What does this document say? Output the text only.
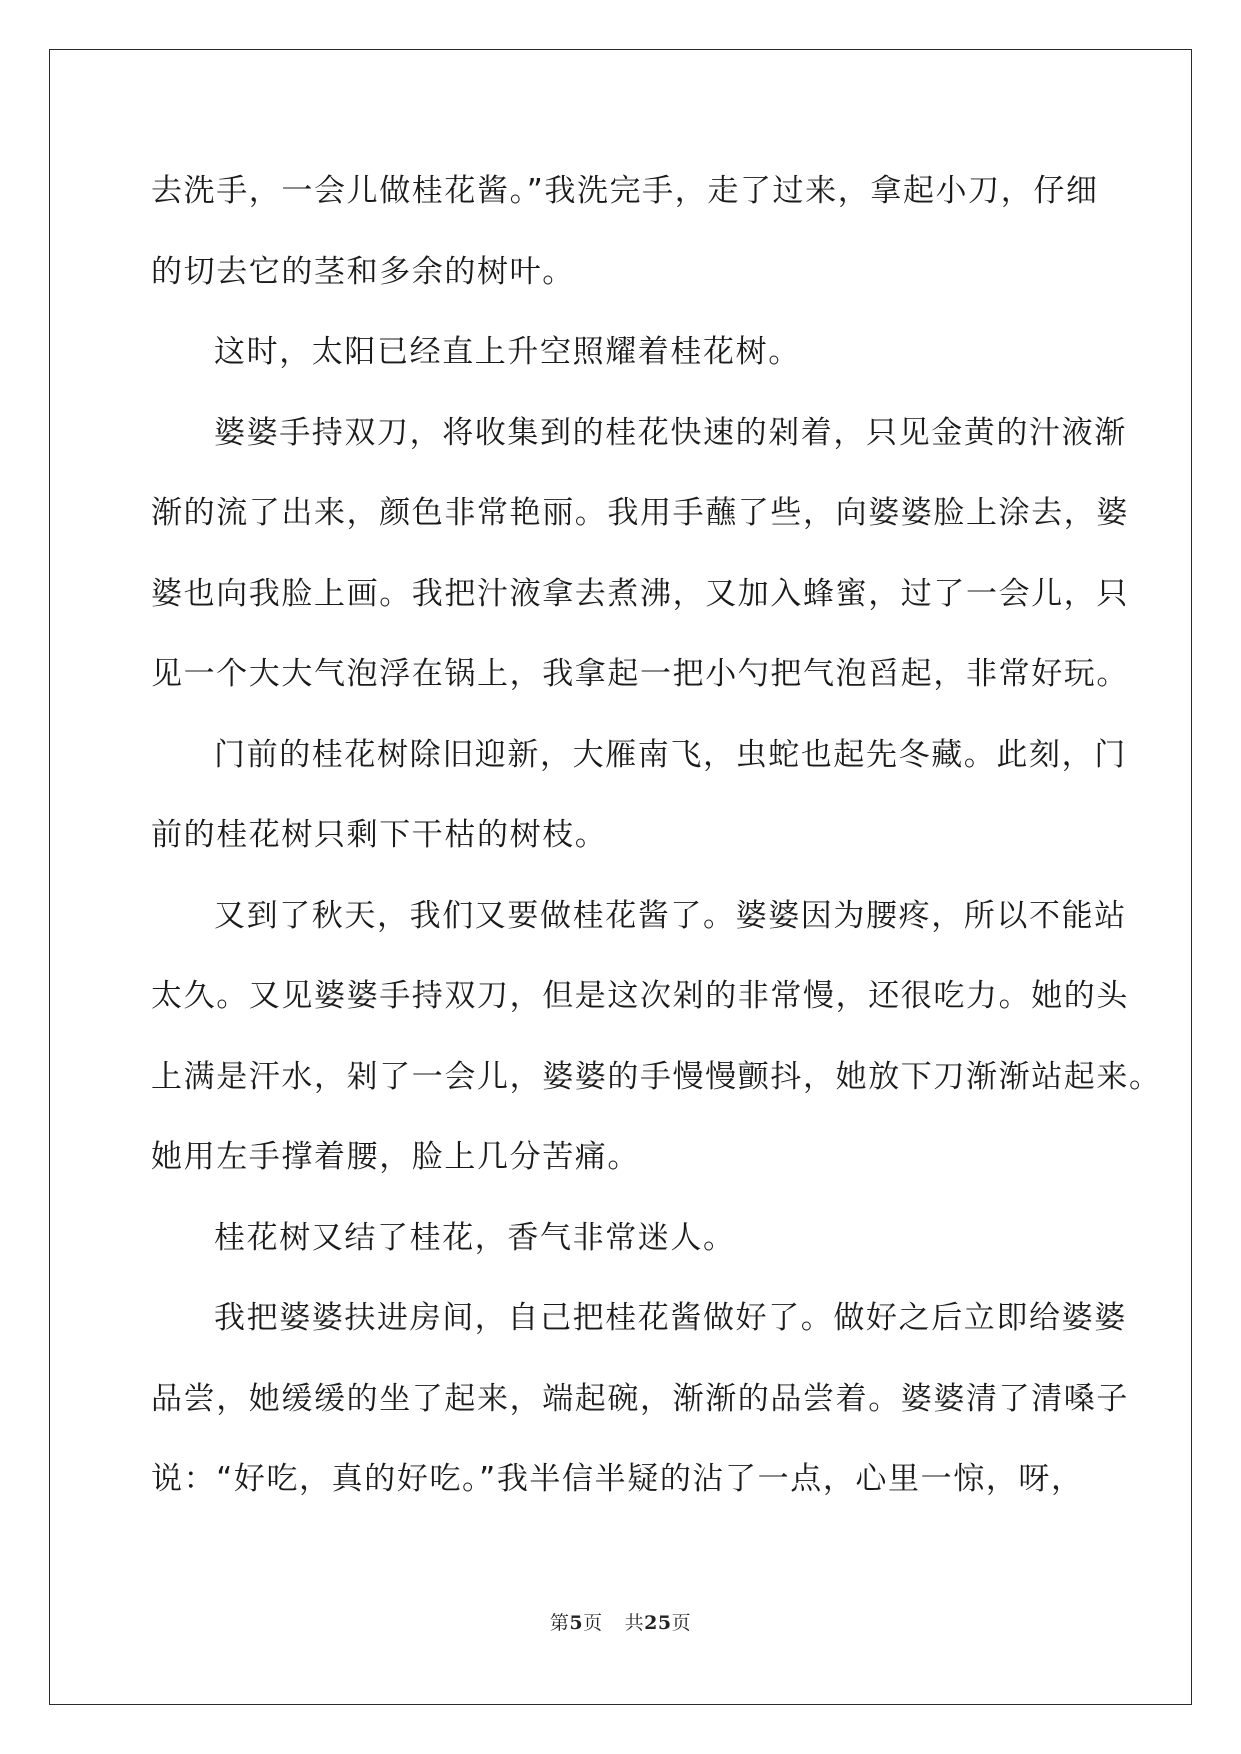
去洗手，一会儿做桂花酱。”我洗完手，走了过来，拿起小刀，仔细
的切去它的茎和多余的树叶。
这时，太阳已经直上升空照耀着桂花树。
婆婆手持双刀，将收集到的桂花快速的剁着，只见金黄的汁液渐
渐的流了出来，颜色非常艳丽。我用手蘸了些，向婆婆脸上涂去，婆
婆也向我脸上画。我把汁液拿去煮沸，又加入蜂蜜，过了一会儿，只
见一个大大气泡浮在锅上，我拿起一把小勺把气泡舀起，非常好玩。
门前的桂花树除旧迎新，大雁南飞，虫蛇也起先冬藏。此刻，门
前的桂花树只剩下干枯的树枝。
又到了秋天，我们又要做桂花酱了。婆婆因为腰疼，所以不能站
太久。又见婆婆手持双刀，但是这次剁的非常慢，还很吃力。她的头
上满是汗水，剁了一会儿，婆婆的手慢慢颤抖，她放下刀渐渐站起来。
她用左手撑着腰，脸上几分苦痛。
桂花树又结了桂花，香气非常迷人。
我把婆婆扶进房间，自己把桂花酱做好了。做好之后立即给婆婆
品尝，她缓缓的坐了起来，端起碗，渐渐的品尝着。婆婆清了清嗓子
说：“好吃，真的好吃。”我半信半疑的沾了一点，心里一惊，呀，
第5页 共25页
